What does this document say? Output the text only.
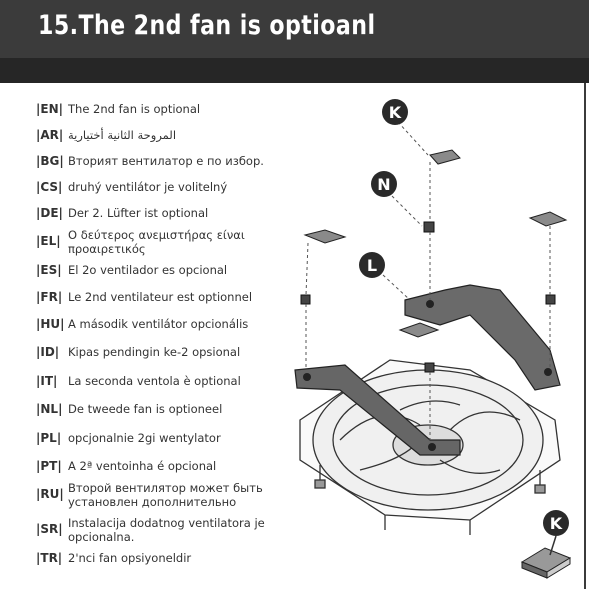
15.The 2nd fan is optioanl
|EN| The 2nd fan is optional
|AR| المروحة الثانية أختيارية
|BG| Вторият вентилатор е по избор.
|CS| druhý ventilátor je volitelný
|DE| Der 2. Lüfter ist optional
|EL| Ο δεύτερος ανεμιστήρας είναι προαιρετικός
|ES| El 2o ventilador es opcional
|FR| Le 2nd ventilateur est optionnel
|HU| A második ventilátor opcionális
|ID| Kipas pendingin ke-2 opsional
|IT| La seconda ventola è optional
|NL| De tweede fan is optioneel
|PL| opcjonalnie 2gi wentylator
|PT| A 2ª ventoinha é opcional
|RU| Второй вентилятор может быть установлен дополнительно
|SR| Instalacija dodatnog ventilatora je opcionalna.
|TR| 2'nci fan opsiyoneldir
K
N
L
K
